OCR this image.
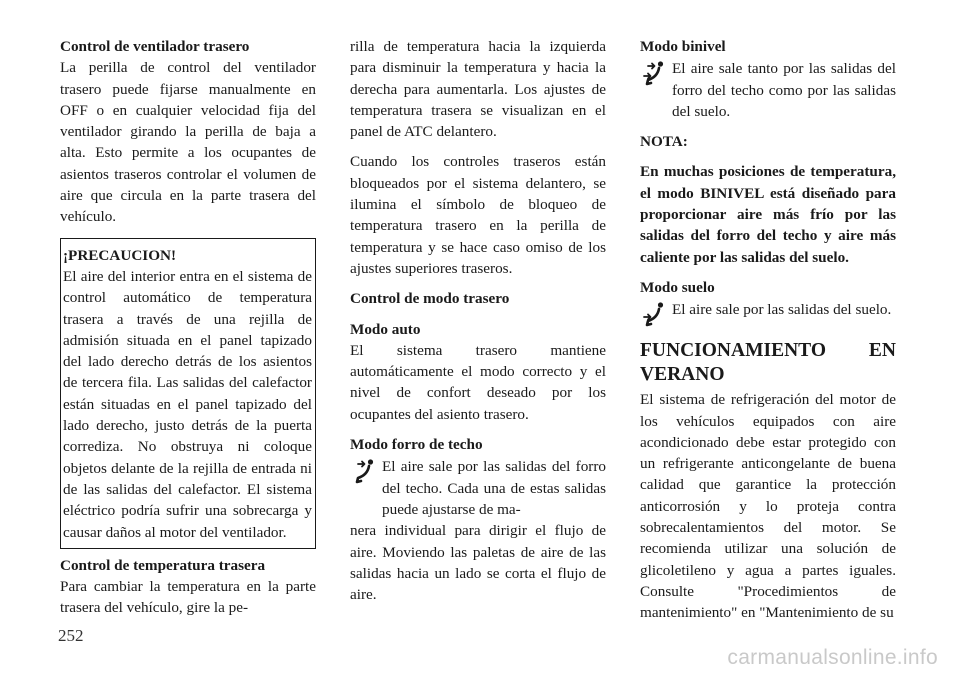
Control de ventilador trasero

La perilla de control del ventilador trasero puede fijarse manualmente en OFF o en cualquier velocidad fija del ventilador girando la perilla de baja a alta. Esto permite a los ocupantes de asientos traseros controlar el volumen de aire que circula en la parte trasera del vehículo.

¡PRECAUCION!

El aire del interior entra en el sistema de control automático de temperatura trasera a través de una rejilla de admisión situada en el panel tapizado del lado derecho detrás de los asientos de tercera fila. Las salidas del calefactor están situadas en el panel tapizado del lado derecho, justo detrás de la puerta corrediza. No obstruya ni coloque objetos delante de la rejilla de entrada ni de las salidas del calefactor. El sistema eléctrico podría sufrir una sobrecarga y causar daños al motor del ventilador.

Control de temperatura trasera

Para cambiar la temperatura en la parte trasera del vehículo, gire la pe-

rilla de temperatura hacia la izquierda para disminuir la temperatura y hacia la derecha para aumentarla. Los ajustes de temperatura trasera se visualizan en el panel de ATC delantero.

Cuando los controles traseros están bloqueados por el sistema delantero, se ilumina el símbolo de bloqueo de temperatura trasero en la perilla de temperatura y se hace caso omiso de los ajustes superiores traseros.

Control de modo trasero

Modo auto

El sistema trasero mantiene automáticamente el modo correcto y el nivel de confort deseado por los ocupantes del asiento trasero.

Modo forro de techo

El aire sale por las salidas del forro del techo. Cada una de estas salidas puede ajustarse de ma-

nera individual para dirigir el flujo de aire. Moviendo las paletas de aire de las salidas hacia un lado se corta el flujo de aire.

Modo binivel

El aire sale tanto por las salidas del forro del techo como por las salidas del suelo.

NOTA:

En muchas posiciones de temperatura, el modo BINIVEL está diseñado para proporcionar aire más frío por las salidas del forro del techo y aire más caliente por las salidas del suelo.

Modo suelo

El aire sale por las salidas del suelo.

FUNCIONAMIENTO EN VERANO

El sistema de refrigeración del motor de los vehículos equipados con aire acondicionado debe estar protegido con un refrigerante anticongelante de buena calidad que garantice la protección anticorrosión y lo proteja contra sobrecalentamientos del motor. Se recomienda utilizar una solución de glicoletileno y agua a partes iguales. Consulte "Procedimientos de mantenimiento" en "Mantenimiento de su

252
carmanualsonline.info
